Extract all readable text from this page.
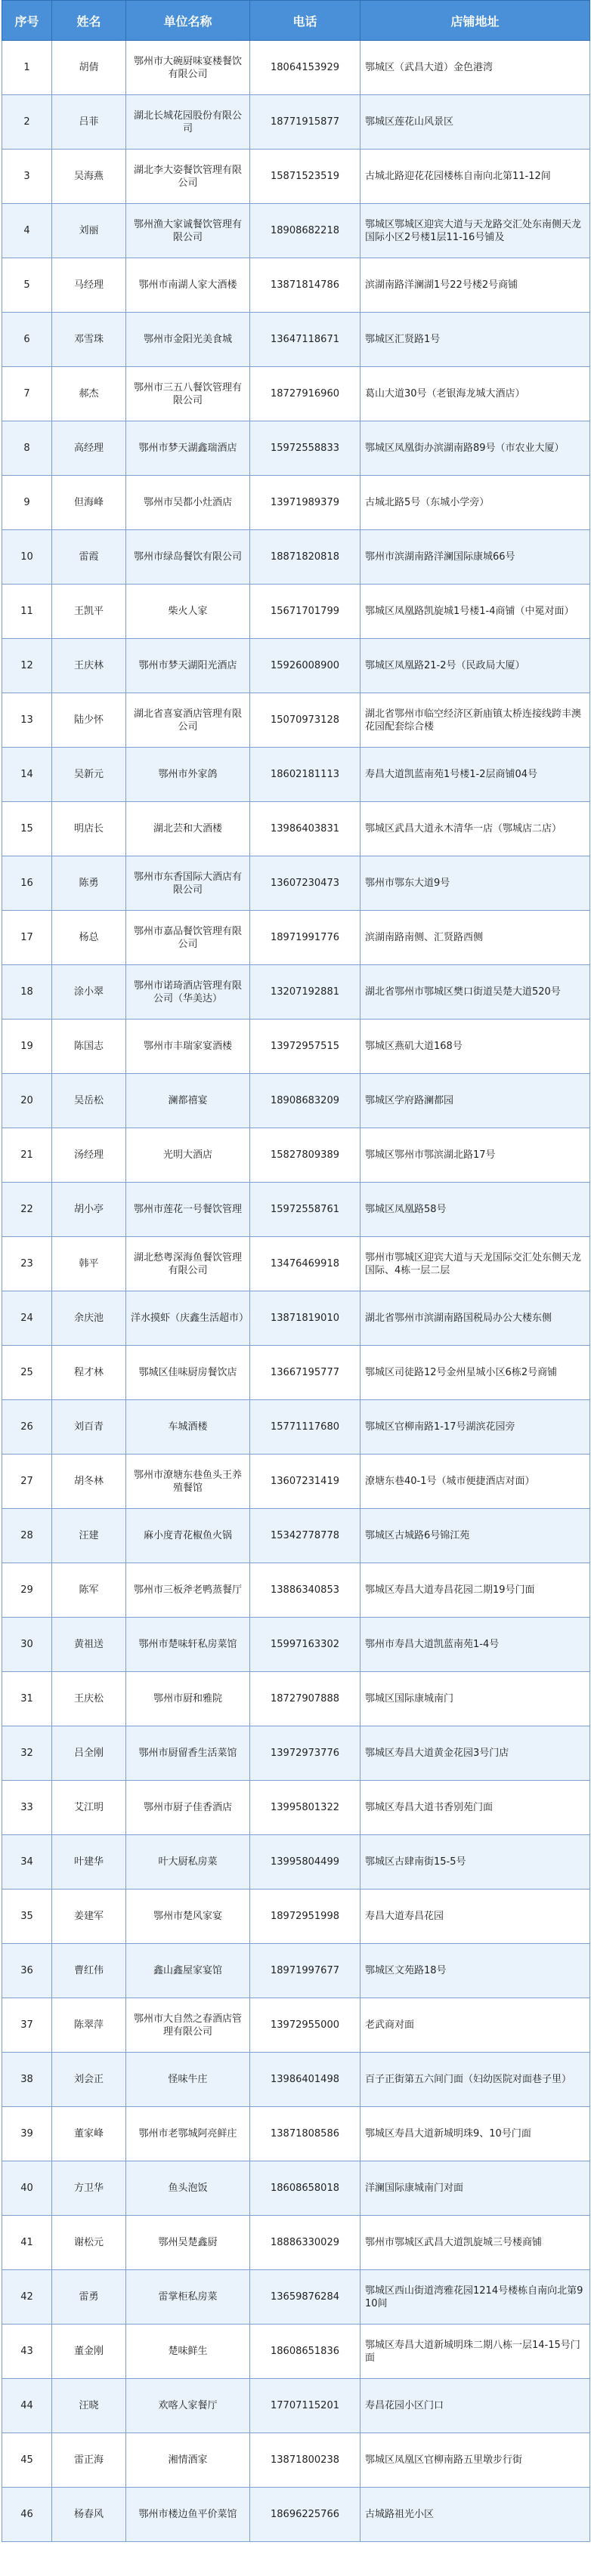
序号	姓名	单位名称	电话	店铺地址
1	胡倩	鄂州市大碗厨味宴楼餐饮有限公司	18064153929	鄂城区（武昌大道）金色港湾
2	吕菲	湖北长城花园股份有限公司	18771915877	鄂城区莲花山风景区
3	吴海燕	湖北李大姿餐饮管理有限公司	15871523519	古城北路迎花花园楼栋自南向北第11-12间
4	刘丽	鄂州渔大家诚餐饮管理有限公司	18908682218	鄂城区鄂城区迎宾大道与天龙路交汇处东南侧天龙国际小区2号楼1层11-16号铺及
5	马经理	鄂州市南湖人家大酒楼	13871814786	滨湖南路洋澜湖1号22号楼2号商铺
6	邓雪珠	鄂州市金阳光美食城	13647118671	鄂城区汇贤路1号
7	郝杰	鄂州市三五八餐饮管理有限公司	18727916960	葛山大道30号（老银海龙城大酒店）
8	高经理	鄂州市梦天湖鑫瑞酒店	15972558833	鄂城区凤凰街办滨湖南路89号（市农业大厦）
9	但海峰	鄂州市吴都小灶酒店	13971989379	古城北路5号（东城小学旁）
10	雷霞	鄂州市绿岛餐饮有限公司	18871820818	鄂州市滨湖南路洋澜国际康城66号
11	王凯平	柴火人家	15671701799	鄂城区凤凰路凯旋城1号楼1-4商铺（中冕对面）
12	王庆林	鄂州市梦天湖阳光酒店	15926008900	鄂城区凤凰路21-2号（民政局大厦）
13	陆少怀	湖北省喜宴酒店管理有限公司	15070973128	湖北省鄂州市临空经济区新庙镇太桥连接线跨丰澳花园配套综合楼
14	吴新元	鄂州市外家鸽	18602181113	寿昌大道凯蓝南苑1号楼1-2层商铺04号
15	明店长	湖北芸和大酒楼	13986403831	鄂城区武昌大道永木清华一店（鄂城店二店）
16	陈勇	鄂州市东香国际大酒店有限公司	13607230473	鄂州市鄂东大道9号
17	杨总	鄂州市嘉品餐饮管理有限公司	18971991776	滨湖南路南侧、汇贤路西侧
18	涂小翠	鄂州市诺琦酒店管理有限公司（华美达）	13207192881	湖北省鄂州市鄂城区樊口街道吴楚大道520号
19	陈国志	鄂州市丰瑞家宴酒楼	13972957515	鄂城区燕矶大道168号
20	吴岳松	澜都禧宴	18908683209	鄂城区学府路澜都园
21	汤经理	光明大酒店	15827809389	鄂城区鄂州市鄂滨湖北路17号
22	胡小亭	鄂州市莲花一号餐饮管理	15972558761	鄂城区凤凰路58号
23	韩平	湖北愁粤深海鱼餐饮管理有限公司	13476469918	鄂州市鄂城区迎宾大道与天龙国际交汇处东侧天龙国际、4栋一层二层
24	余庆池	洋水摸虾（庆鑫生活超市）	13871819010	湖北省鄂州市滨湖南路国税局办公大楼东侧
25	程才林	鄂城区佳味厨房餐饮店	13667195777	鄂城区司徒路12号金州星城小区6栋2号商铺
26	刘百青	车城酒楼	15771117680	鄂城区官柳南路1-17号湖滨花园旁
27	胡冬林	鄂州市潦塘东巷鱼头王养殖餐馆	13607231419	潦塘东巷40-1号（城市便捷酒店对面）
28	汪建	麻小度青花椒鱼火锅	15342778778	鄂城区古城路6号锦江苑
29	陈军	鄂州市三板斧老鸭蒸餐厅	13886340853	鄂城区寿昌大道寿昌花园二期19号门面
30	黄祖送	鄂州市楚味轩私房菜馆	15997163302	鄂州市寿昌大道凯蓝南苑1-4号
31	王庆松	鄂州市厨和雅院	18727907888	鄂城区国际康城南门
32	吕全刚	鄂州市厨留香生活菜馆	13972973776	鄂城区寿昌大道黄金花园3号门店
33	艾江明	鄂州市厨子佳香酒店	13995801322	鄂城区寿昌大道书香别苑门面
34	叶建华	叶大厨私房菜	13995804499	鄂城区古肆南街15-5号
35	姜建军	鄂州市楚风家宴	18972951998	寿昌大道寿昌花园
36	曹红伟	鑫山鑫屋家宴馆	18971997677	鄂城区文苑路18号
37	陈翠萍	鄂州市大自然之春酒店管理有限公司	13972955000	老武商对面
38	刘会正	怪味牛庄	13986401498	百子正街第五六间门面（妇幼医院对面巷子里）
39	董家峰	鄂州市老鄂城阿亮鲜庄	13871808586	鄂城区寿昌大道新城明珠9、10号门面
40	方卫华	鱼头泡饭	18608658018	洋澜国际康城南门对面
41	谢松元	鄂州吴楚鑫厨	18886330029	鄂州市鄂城区武昌大道凯旋城三号楼商铺
42	雷勇	雷掌柜私房菜	13659876284	鄂城区西山街道湾雅花园1214号楼栋自南向北第910间
43	董金刚	楚味鲜生	18608651836	鄂城区寿昌大道新城明珠二期八栋一层14-15号门面
44	汪晓	欢喀人家餐厅	17707115201	寿昌花园小区门口
45	雷正海	湘情酒家	13871800238	鄂城区凤凰区官柳南路五里墩步行街
46	杨春风	鄂州市楼边鱼平价菜馆	18696225766	古城路祖光小区
